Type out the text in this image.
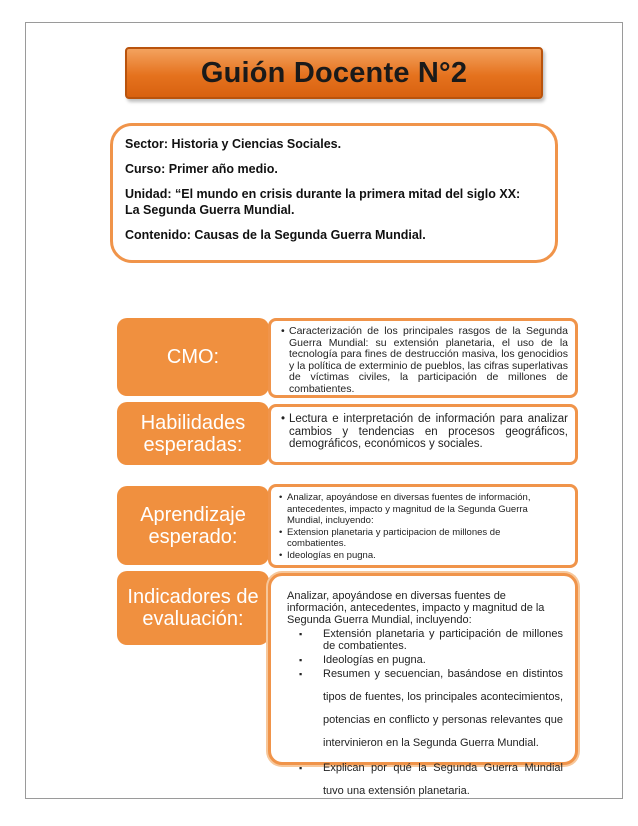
Guión Docente N°2

Sector: Historia y Ciencias Sociales.

Curso: Primer año medio.

Unidad: “El mundo en crisis durante la primera mitad del siglo XX:

La Segunda Guerra Mundial.

Contenido: Causas de la Segunda Guerra Mundial.

CMO:
• Caracterización de los principales rasgos de la Segunda Guerra Mundial: su extensión planetaria, el uso de la tecnología para fines de destrucción masiva, los genocidios y la política de exterminio de pueblos, las cifras superlativas de víctimas civiles, la participación de millones de combatientes.
Habilidades
esperadas:
• Lectura e interpretación de información para analizar cambios y tendencias en procesos geográficos, demográficos, económicos y sociales.
Aprendizaje
esperado:
• Analizar, apoyándose en diversas fuentes de información, antecedentes, impacto y magnitud de la Segunda Guerra Mundial, incluyendo:
• Extension planetaria y participacion de millones de combatientes.
• Ideologías en pugna.
Indicadores de
evaluación:
Analizar, apoyándose en diversas fuentes de información, antecedentes, impacto y magnitud de la Segunda Guerra Mundial, incluyendo:
▪ Extensión planetaria y participación de millones de combatientes.
▪ Ideologías en pugna.
▪ Resumen y secuencian, basándose en distintos tipos de fuentes, los principales acontecimientos, potencias en conflicto y personas relevantes que intervinieron en la Segunda Guerra Mundial.
▪ Explican por qué la Segunda Guerra Mundial tuvo una extensión planetaria.
